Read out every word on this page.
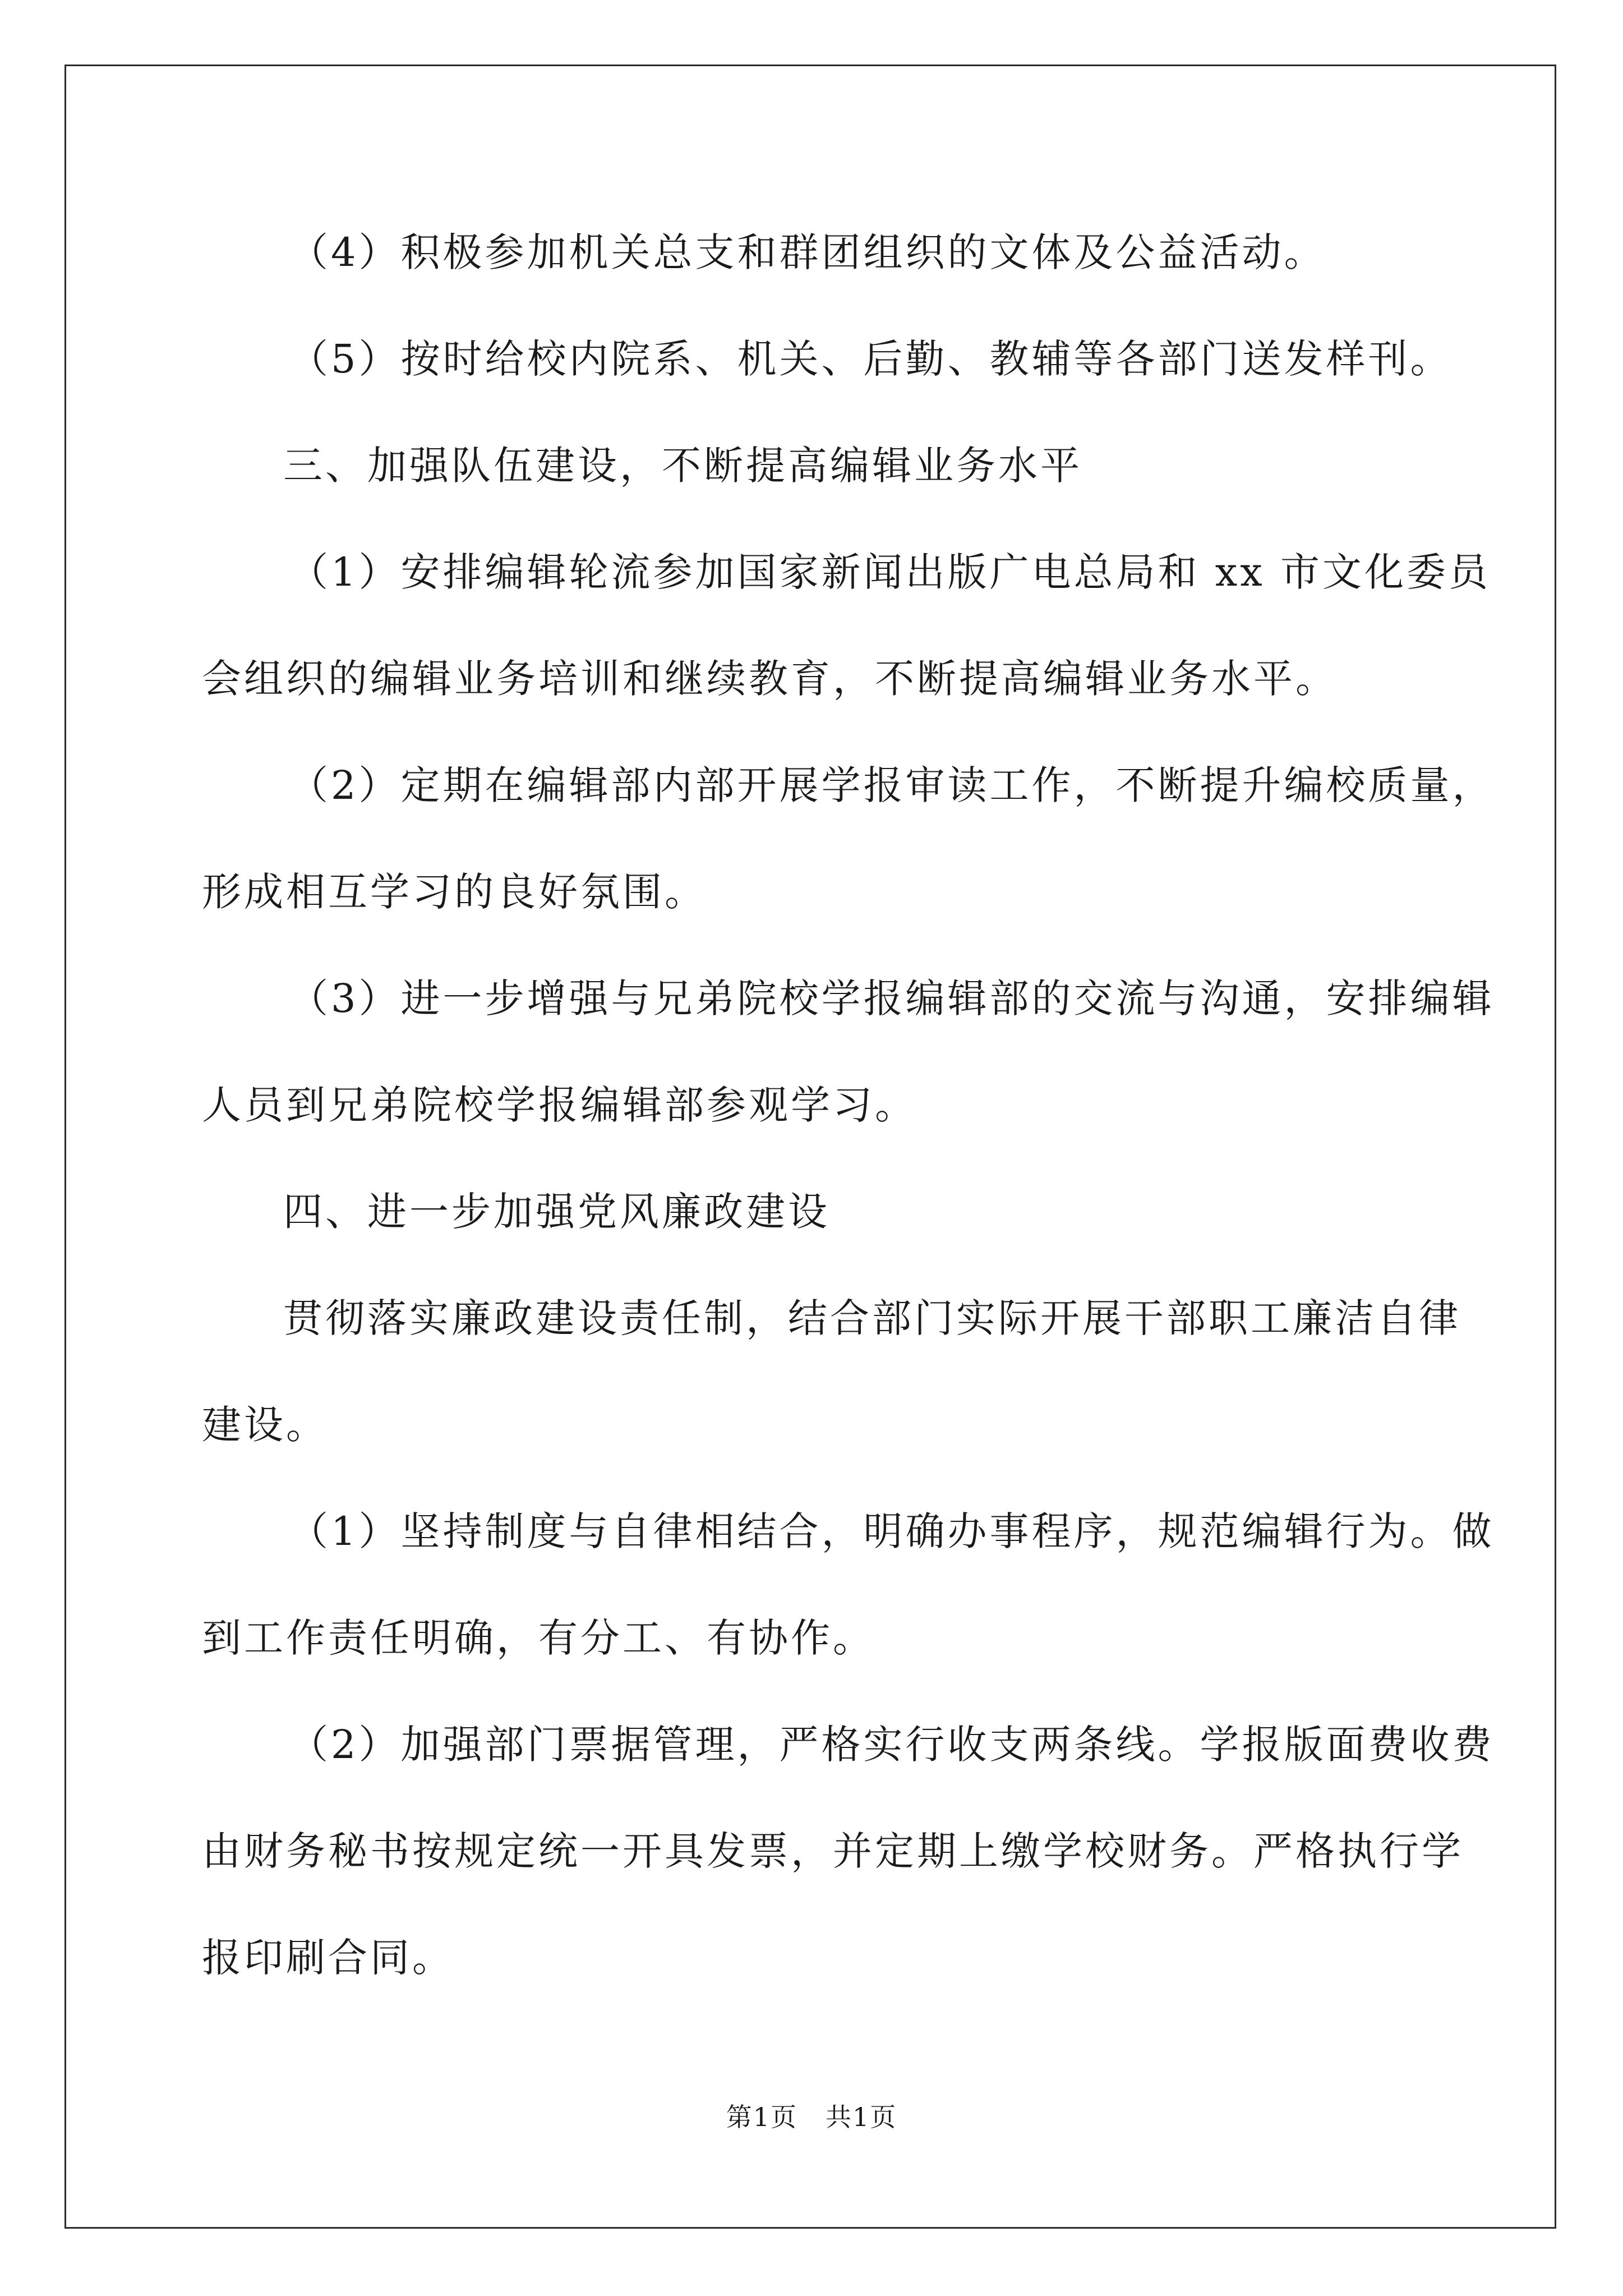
（4）积极参加机关总支和群团组织的文体及公益活动。

（5）按时给校内院系、机关、后勤、教辅等各部门送发样刊。

三、加强队伍建设，不断提高编辑业务水平

（1）安排编辑轮流参加国家新闻出版广电总局和 xx 市文化委员

会组织的编辑业务培训和继续教育，不断提高编辑业务水平。

（2）定期在编辑部内部开展学报审读工作，不断提升编校质量，

形成相互学习的良好氛围。

（3）进一步增强与兄弟院校学报编辑部的交流与沟通，安排编辑

人员到兄弟院校学报编辑部参观学习。

四、进一步加强党风廉政建设

贯彻落实廉政建设责任制，结合部门实际开展干部职工廉洁自律

建设。

（1）坚持制度与自律相结合，明确办事程序，规范编辑行为。做

到工作责任明确，有分工、有协作。

（2）加强部门票据管理，严格实行收支两条线。学报版面费收费

由财务秘书按规定统一开具发票，并定期上缴学校财务。严格执行学

报印刷合同。

第1页 共1页
